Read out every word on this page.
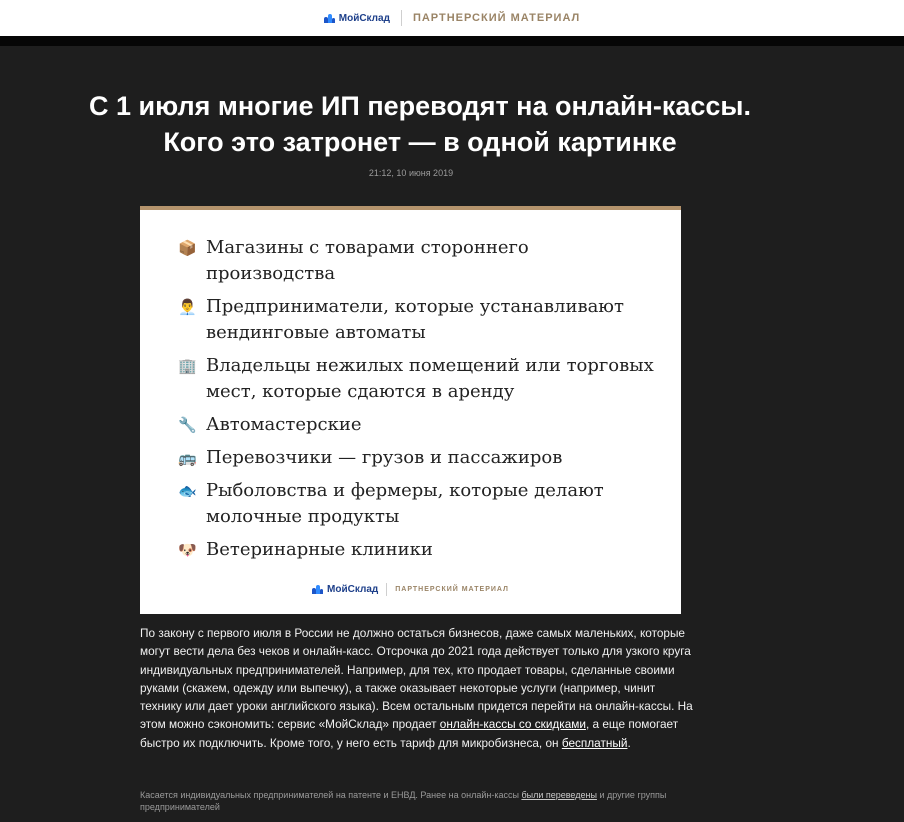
МойСклад ПАРТНЕРСКИЙ МАТЕРИАЛ
С 1 июля многие ИП переводят на онлайн-кассы. Кого это затронет — в одной картинке
21:12, 10 июня 2019
📦 Магазины с товарами стороннего производства
👨‍💼 Предприниматели, которые устанавливают вендинговые автоматы
🏢 Владельцы нежилых помещений или торговых мест, которые сдаются в аренду
🔧 Автомастерские
🚌 Перевозчики — грузов и пассажиров
🐟 Рыболовства и фермеры, которые делают молочные продукты
🐶 Ветеринарные клиники
МойСклад ПАРТНЕРСКИЙ МАТЕРИАЛ

По закону с первого июля в России не должно остаться бизнесов, даже самых маленьких, которые могут вести дела без чеков и онлайн-касс. Отсрочка до 2021 года действует только для узкого круга индивидуальных предпринимателей. Например, для тех, кто продает товары, сделанные своими руками (скажем, одежду или выпечку), а также оказывает некоторые услуги (например, чинит технику или дает уроки английского языка). Всем остальным придется перейти на онлайн-кассы. На этом можно сэкономить: сервис «МойСклад» продает онлайн-кассы со скидками, а еще помогает быстро их подключить. Кроме того, у него есть тариф для микробизнеса, он бесплатный.

Касается индивидуальных предпринимателей на патенте и ЕНВД. Ранее на онлайн-кассы были переведены и другие группы предпринимателей
